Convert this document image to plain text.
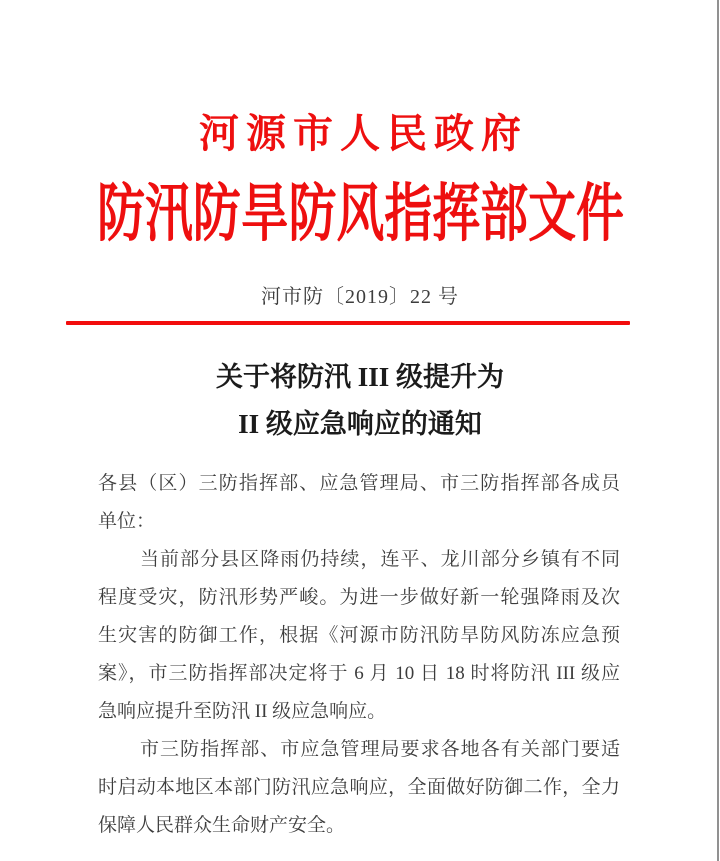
河源市人民政府
防汛防旱防风指挥部文件
河市防〔2019〕22 号
关于将防汛 III 级提升为
II 级应急响应的通知
各县（区）三防指挥部、应急管理局、市三防指挥部各成员
单位：
当前部分县区降雨仍持续，连平、龙川部分乡镇有不同
程度受灾，防汛形势严峻。为进一步做好新一轮强降雨及次
生灾害的防御工作，根据《河源市防汛防旱防风防冻应急预
案》，市三防指挥部决定将于 6 月 10 日 18 时将防汛 III 级应
急响应提升至防汛 II 级应急响应。
市三防指挥部、市应急管理局要求各地各有关部门要适
时启动本地区本部门防汛应急响应，全面做好防御二作，全力
保障人民群众生命财产安全。
